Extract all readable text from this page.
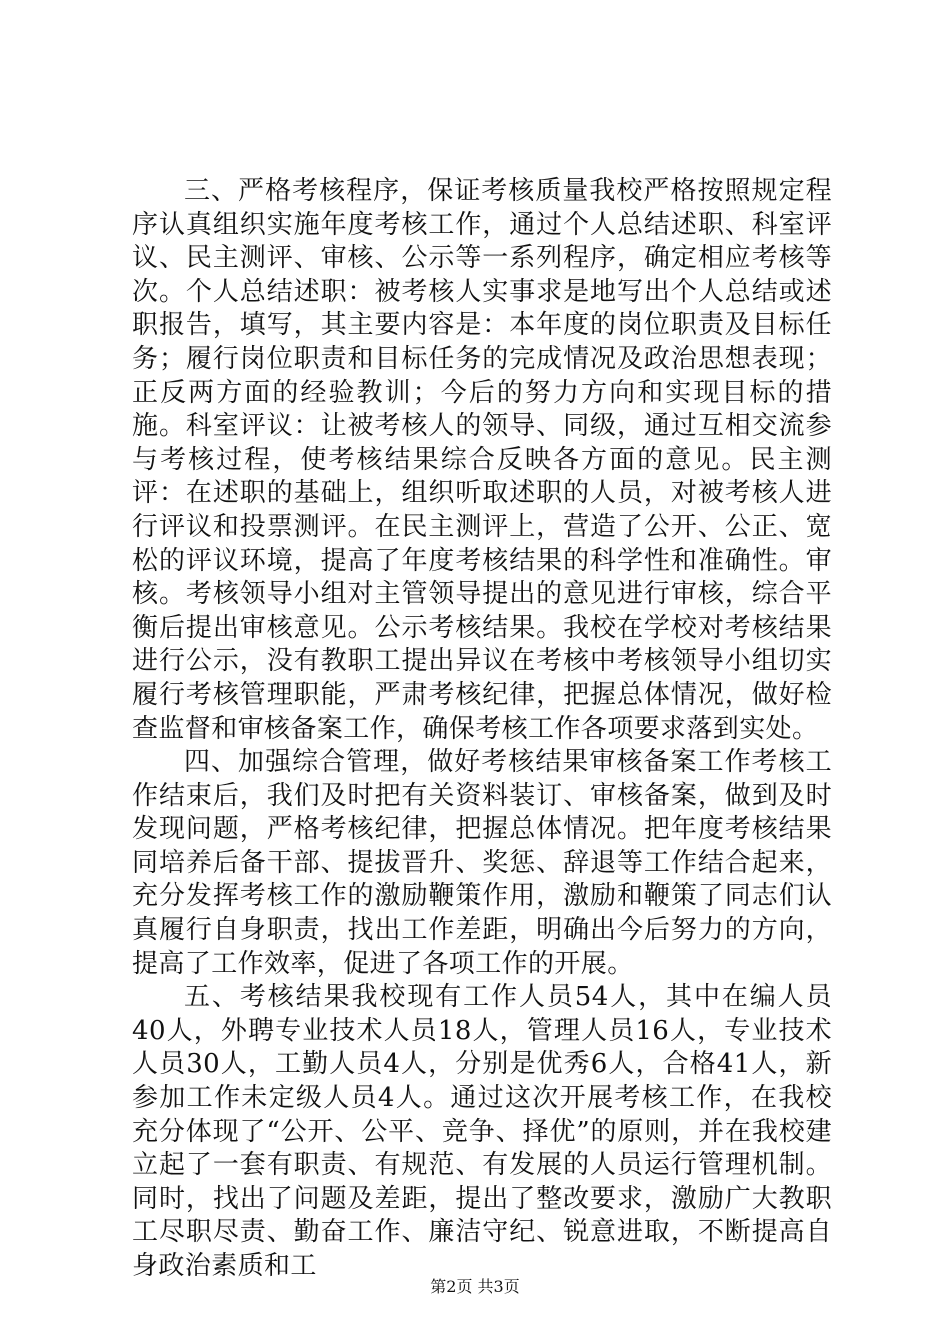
三、严格考核程序，保证考核质量我校严格按照规定程序认真组织实施年度考核工作，通过个人总结述职、科室评议、民主测评、审核、公示等一系列程序，确定相应考核等次。个人总结述职：被考核人实事求是地写出个人总结或述职报告，填写，其主要内容是：本年度的岗位职责及目标任务；履行岗位职责和目标任务的完成情况及政治思想表现；正反两方面的经验教训；今后的努力方向和实现目标的措施。科室评议：让被考核人的领导、同级，通过互相交流参与考核过程，使考核结果综合反映各方面的意见。民主测评：在述职的基础上，组织听取述职的人员，对被考核人进行评议和投票测评。在民主测评上，营造了公开、公正、宽松的评议环境，提高了年度考核结果的科学性和准确性。审核。考核领导小组对主管领导提出的意见进行审核，综合平衡后提出审核意见。公示考核结果。我校在学校对考核结果进行公示，没有教职工提出异议在考核中考核领导小组切实履行考核管理职能，严肃考核纪律，把握总体情况，做好检查监督和审核备案工作，确保考核工作各项要求落到实处。

四、加强综合管理，做好考核结果审核备案工作考核工作结束后，我们及时把有关资料装订、审核备案，做到及时发现问题，严格考核纪律，把握总体情况。把年度考核结果同培养后备干部、提拔晋升、奖惩、辞退等工作结合起来，充分发挥考核工作的激励鞭策作用，激励和鞭策了同志们认真履行自身职责，找出工作差距，明确出今后努力的方向，提高了工作效率，促进了各项工作的开展。

五、考核结果我校现有工作人员54人，其中在编人员40人，外聘专业技术人员18人，管理人员16人，专业技术人员30人，工勤人员4人，分别是优秀6人，合格41人，新参加工作未定级人员4人。通过这次开展考核工作，在我校充分体现了“公开、公平、竞争、择优”的原则，并在我校建立起了一套有职责、有规范、有发展的人员运行管理机制。同时，找出了问题及差距，提出了整改要求，激励广大教职工尽职尽责、勤奋工作、廉洁守纪、锐意进取，不断提高自身政治素质和工

第2页 共3页
